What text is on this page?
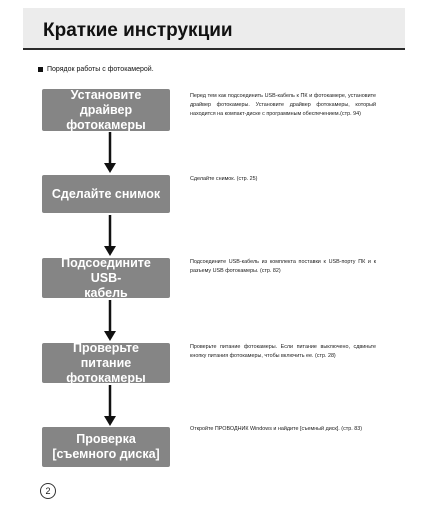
Краткие инструкции
Порядок работы с фотокамерой.
Установите драйвер
фотокамеры
Перед тем как подсоединить USB-кабель к ПК и фотокамере, установите драйвер фотокамеры. Установите драйвер фотокамеры, который находится на компакт-диске с программным обеспечением.(стр. 94)
Сделайте снимок
Сделайте снимок. (стр. 25)
Подсоедините USB-
кабель
Подсоедините USB-кабель из комплекта поставки к USB-порту ПК и к разъему USB фотокамеры. (стр. 82)
Проверьте питание
фотокамеры
Проверьте питание фотокамеры. Если питание выключено, сдвиньте кнопку питания фотокамеры, чтобы включить ее. (стр. 28)
Проверка
[съемного диска]
Откройте ПРОВОДНИК Windows и найдите [съемный диск]. (стр. 83)
2
